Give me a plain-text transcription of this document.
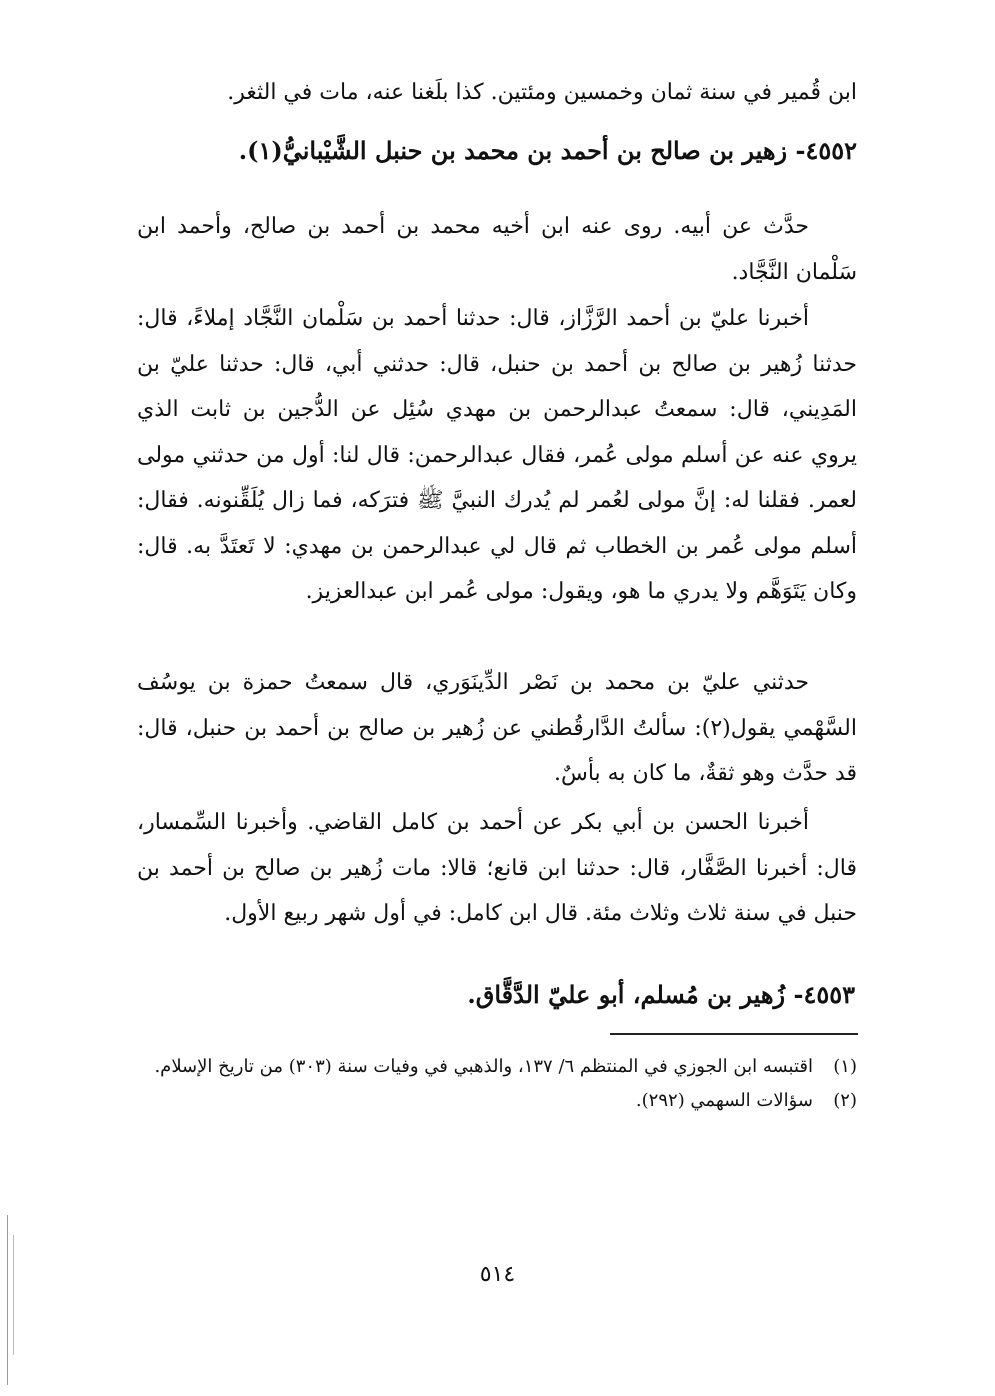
ابن قُمير في سنة ثمان وخمسين ومئتين. كذا بلَغنا عنه، مات في الثغر.
٤٥٥٢- زهير بن صالح بن أحمد بن محمد بن حنبل الشَّيْبانيُّ(١).
حدَّث عن أبيه. روى عنه ابن أخيه محمد بن أحمد بن صالح، وأحمد ابن سَلْمان النَّجَّاد.
أخبرنا عليّ بن أحمد الرَّزَّاز، قال: حدثنا أحمد بن سَلْمان النَّجَّاد إملاءً، قال: حدثنا زُهير بن صالح بن أحمد بن حنبل، قال: حدثني أبي، قال: حدثنا عليّ بن المَدِيني، قال: سمعتُ عبدالرحمن بن مهدي سُئِل عن الدُّجين بن ثابت الذي يروي عنه عن أسلم مولى عُمر، فقال عبدالرحمن: قال لنا: أول من حدثني مولى لعمر. فقلنا له: إنَّ مولى لعُمر لم يُدرك النبيَّ ﷺ فترَكه، فما زال يُلَقِّنونه. فقال: أسلم مولى عُمر بن الخطاب ثم قال لي عبدالرحمن بن مهدي: لا تَعتَدَّ به. قال: وكان يَتَوَهَّم ولا يدري ما هو، ويقول: مولى عُمر ابن عبدالعزيز.
حدثني عليّ بن محمد بن نَصْر الدِّينَوَري، قال سمعتُ حمزة بن يوسُف السَّهْمي يقول(٢): سألتُ الدَّارقُطني عن زُهير بن صالح بن أحمد بن حنبل، قال: قد حدَّث وهو ثقةٌ، ما كان به بأسٌ.
أخبرنا الحسن بن أبي بكر عن أحمد بن كامل القاضي. وأخبرنا السِّمسار، قال: أخبرنا الصَّفَّار، قال: حدثنا ابن قانع؛ قالا: مات زُهير بن صالح بن أحمد بن حنبل في سنة ثلاث وثلاث مئة. قال ابن كامل: في أول شهر ربيع الأول.
٤٥٥٣- زُهير بن مُسلم، أبو عليّ الدَّقَّاق.
(١)
اقتبسه ابن الجوزي في المنتظم ٦/ ١٣٧، والذهبي في وفيات سنة (٣٠٣) من تاريخ الإسلام.
(٢)
سؤالات السهمي (٢٩٢).
٥١٤
